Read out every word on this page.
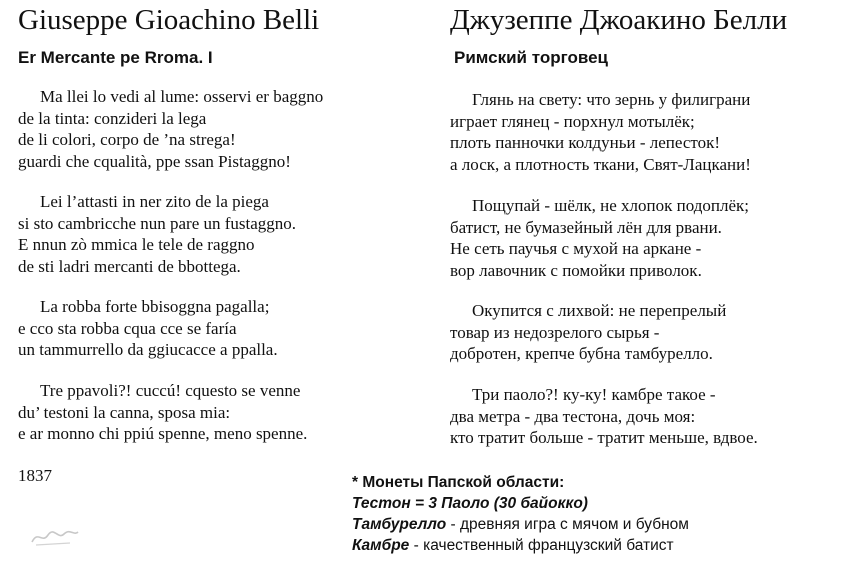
Giuseppe Gioachino Belli
Er Mercante pe Rroma. I
Ma llei lo vedi al lume: osservi er baggno
de la tinta: conzideri la lega
de li colori, corpo de ’na strega!
guardi che cqualità, ppe ssan Pistaggno!
Lei l’attasti in ner zito de la piega
si sto cambricche nun pare un fustaggno.
E nnun zò mmica le tele de raggno
de sti ladri mercanti de bbottega.
La robba forte bbisoggna pagalla;
e cco sta robba cqua cce se faría
un tammurrello da ggiucacce a ppalla.
Tre ppavoli?! cuccú! cquesto se venne
du’ testoni la canna, sposa mia:
e ar monno chi ppiú spenne, meno spenne.
1837
Джузеппе Джоакино Белли
Римский торговец
Глянь на свету: что зернь у филиграни
играет глянец - порхнул мотылёк;
плоть панночки колдуньи - лепесток!
а лоск, а плотность ткани, Свят-Лацкани!
Пощупай - шёлк, не хлопок подоплёк;
батист, не бумазейный лён для рвани.
Не сеть паучья с мухой на аркане -
вор лавочник с помойки приволок.
Окупится с лихвой: не перепрелый
товар из недозрелого сырья -
добротен, крепче бубна тамбурелло.
Три паоло?! ку-ку! камбре такое -
два метра - два тестона, дочь моя:
кто тратит больше - тратит меньше, вдвое.
* Монеты Папской области:
Тестон = 3 Паоло (30 байокко)
Тамбурелло - древняя игра с мячом и бубном
Камбре - качественный французский батист
